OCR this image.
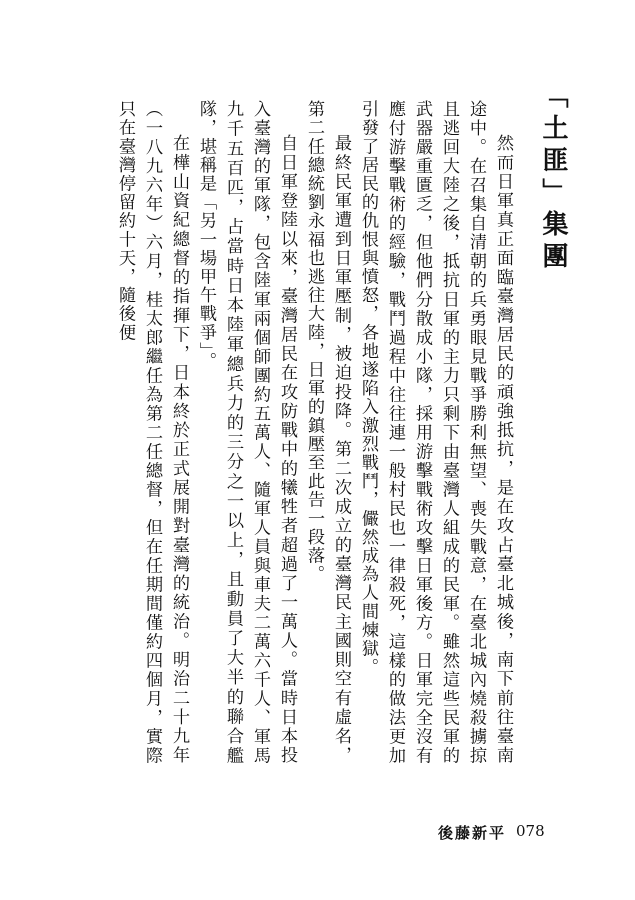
「土匪」集團

然而日軍真正面臨臺灣居民的頑強抵抗，是在攻占臺北城後，南下前往臺南途中。在召集自清朝的兵勇眼見戰爭勝利無望、喪失戰意，在臺北城內燒殺擄掠且逃回大陸之後，抵抗日軍的主力只剩下由臺灣人組成的民軍。雖然這些民軍的武器嚴重匱乏，但他們分散成小隊，採用游擊戰術攻擊日軍後方。日軍完全沒有應付游擊戰術的經驗，戰鬥過程中往往連一般村民也一律殺死，這樣的做法更加引發了居民的仇恨與憤怒，各地遂陷入激烈戰鬥，儼然成為人間煉獄。

最終民軍遭到日軍壓制，被迫投降。第二次成立的臺灣民主國則空有虛名，第二任總統劉永福也逃往大陸，日軍的鎮壓至此告一段落。

自日軍登陸以來，臺灣居民在攻防戰中的犧牲者超過了一萬人。當時日本投入臺灣的軍隊，包含陸軍兩個師團約五萬人、隨軍人員與車夫二萬六千人、軍馬九千五百匹，占當時日本陸軍總兵力的三分之一以上，且動員了大半的聯合艦隊，堪稱是「另一場甲午戰爭」。

在樺山資紀總督的指揮下，日本終於正式展開對臺灣的統治。明治二十九年（一八九六年）六月，桂太郎繼任為第二任總督，但在任期間僅約四個月，實際只在臺灣停留約十天，隨後便

後藤新平 078
